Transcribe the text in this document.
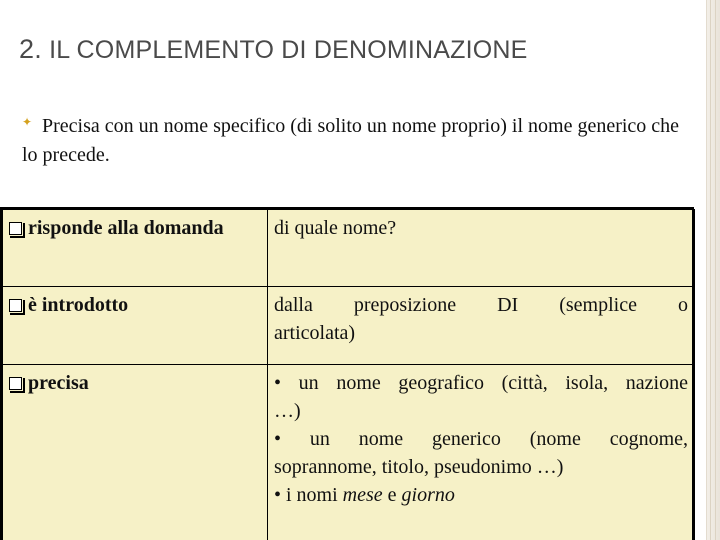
2. IL COMPLEMENTO DI DENOMINAZIONE
✦ Precisa con un nome specifico (di solito un nome proprio) il nome generico che lo precede.

risponde alla domanda	di quale nome?
è introdotto	dalla preposizione DI (semplice o
articolata)

precisa	• un nome geografico (città, isola, nazione
…)
• un nome generico (nome cognome,
soprannome, titolo, pseudonimo …)
• i nomi mese e giorno
